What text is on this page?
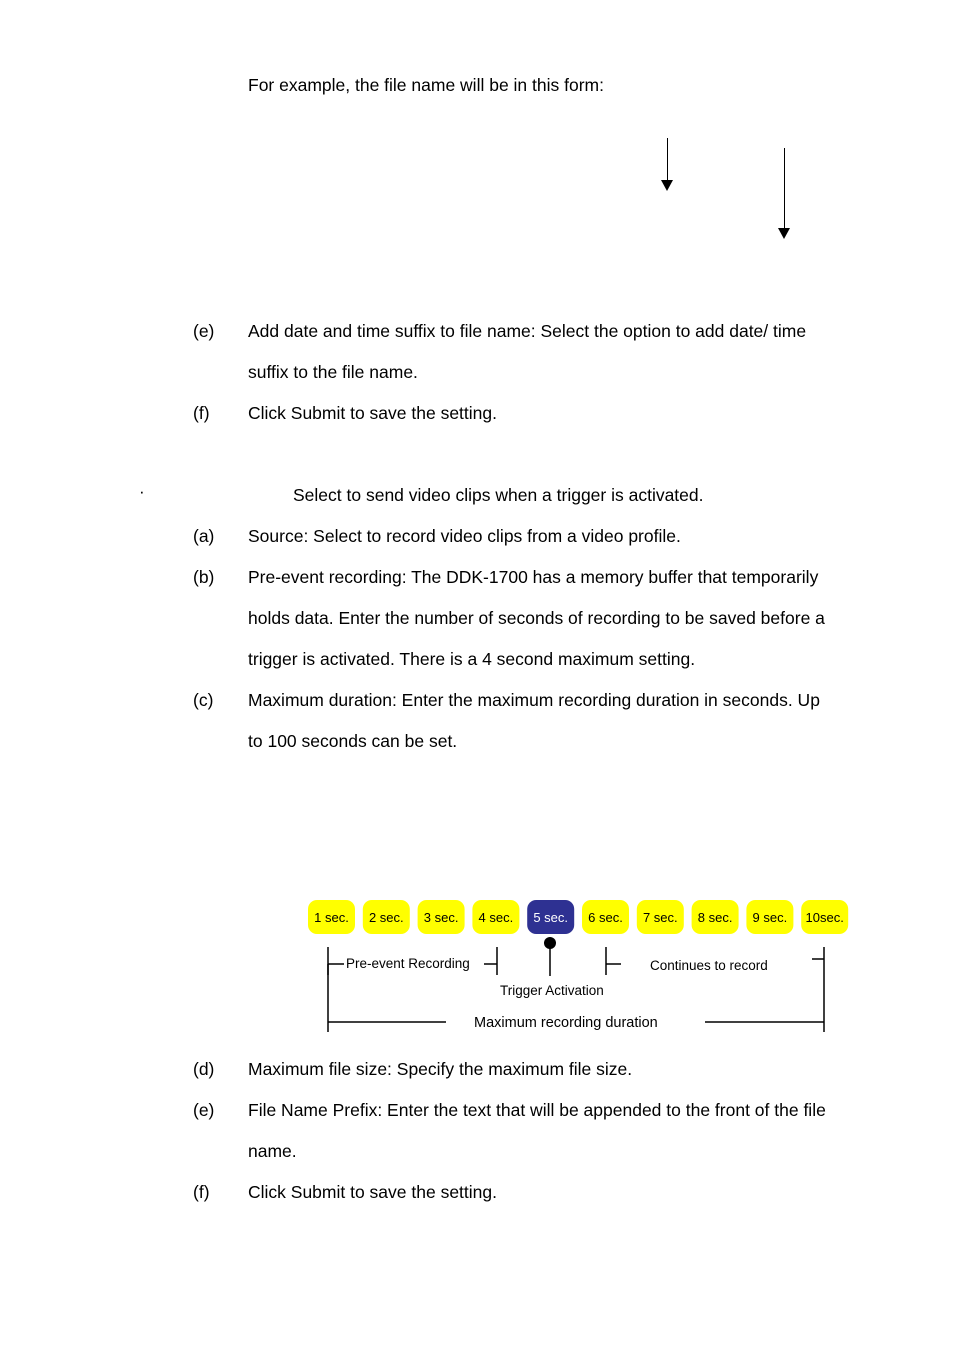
For example, the file name will be in this form:
(e) Add date and time suffix to file name: Select the option to add date/ time
suffix to the file name.
(f) Click Submit to save the setting.
·	Select to send video clips when a trigger is activated.
(a) Source: Select to record video clips from a video profile.
(b) Pre-event recording: The DDK-1700 has a memory buffer that temporarily
holds data. Enter the number of seconds of recording to be saved before a
trigger is activated. There is a 4 second maximum setting.
(c) Maximum duration: Enter the maximum recording duration in seconds. Up
to 100 seconds can be set.
1 sec. 2 sec. 3 sec. 4 sec. 5 sec. 6 sec. 7 sec. 8 sec. 9 sec. 10sec.
Pre-event Recording
Trigger Activation
Continues to record
Maximum recording duration
(d) Maximum file size: Specify the maximum file size.
(e) File Name Prefix: Enter the text that will be appended to the front of the file
name.
(f) Click Submit to save the setting.
